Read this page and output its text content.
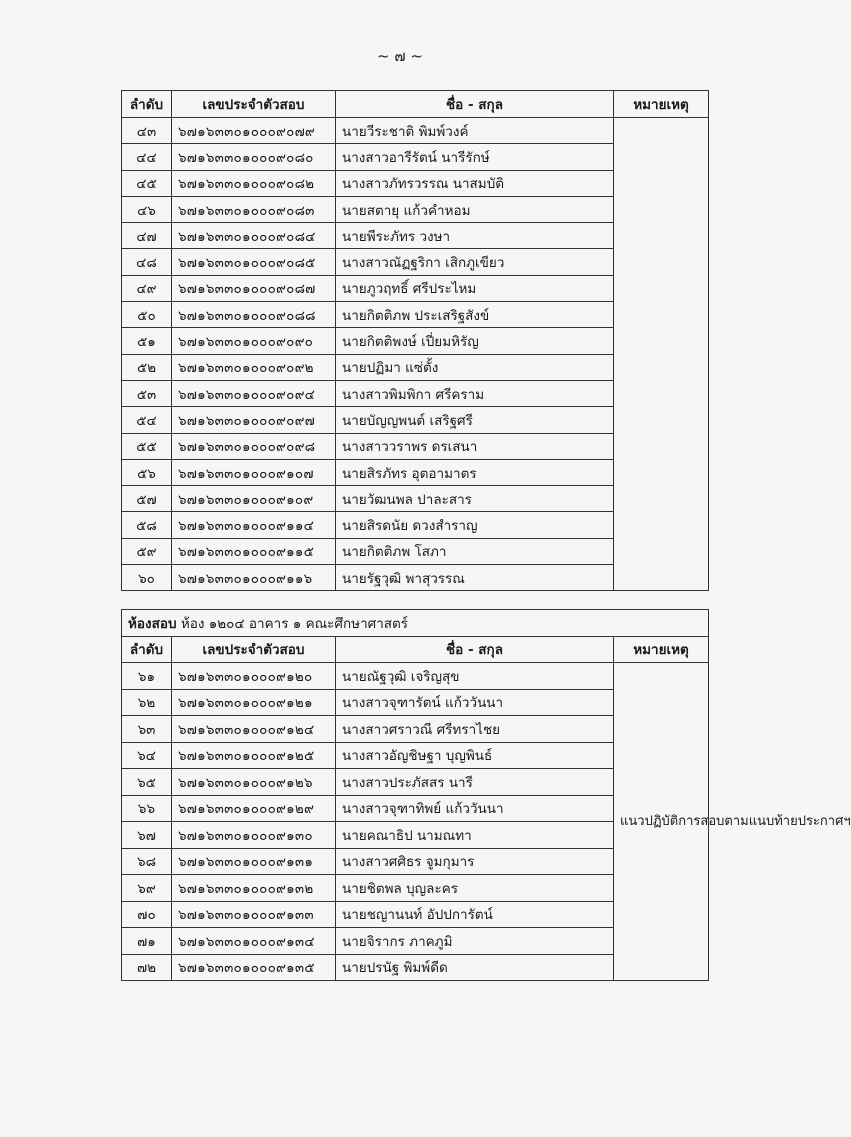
~ ๗ ~
ลำดับ	เลขประจำตัวสอบ	ชื่อ - สกุล	หมายเหตุ
๔๓	๖๗๑๖๓๓๐๑๐๐๐๙๐๗๙	นายวีระชาติ พิมพ์วงค์	
๔๔	๖๗๑๖๓๓๐๑๐๐๐๙๐๘๐	นางสาวอารีรัตน์ นารีรักษ์	
๔๕	๖๗๑๖๓๓๐๑๐๐๐๙๐๘๒	นางสาวภัทรวรรณ นาสมบัติ	
๔๖	๖๗๑๖๓๓๐๑๐๐๐๙๐๘๓	นายสตายุ แก้วคำหอม	
๔๗	๖๗๑๖๓๓๐๑๐๐๐๙๐๘๔	นายพีระภัทร วงษา	
๔๘	๖๗๑๖๓๓๐๑๐๐๐๙๐๘๕	นางสาวณัฏฐริกา เสิกภูเขียว	
๔๙	๖๗๑๖๓๓๐๑๐๐๐๙๐๘๗	นายภูวฤทธิ์ ศรีประไหม	
๕๐	๖๗๑๖๓๓๐๑๐๐๐๙๐๘๘	นายกิตติภพ ประเสริฐสังข์	
๕๑	๖๗๑๖๓๓๐๑๐๐๐๙๐๙๐	นายกิตติพงษ์ เปี่ยมหิรัญ	
๕๒	๖๗๑๖๓๓๐๑๐๐๐๙๐๙๒	นายปฏิมา แซ่ตั้ง	
๕๓	๖๗๑๖๓๓๐๑๐๐๐๙๐๙๔	นางสาวพิมพิกา ศรีคราม	
๕๔	๖๗๑๖๓๓๐๑๐๐๐๙๐๙๗	นายบัญญพนต์ เสริฐศรี	
๕๕	๖๗๑๖๓๓๐๑๐๐๐๙๐๙๘	นางสาววราพร ดรเสนา	
๕๖	๖๗๑๖๓๓๐๑๐๐๐๙๑๐๗	นายสิรภัทร อุตอามาตร	
๕๗	๖๗๑๖๓๓๐๑๐๐๐๙๑๐๙	นายวัฒนพล ปาละสาร	
๕๘	๖๗๑๖๓๓๐๑๐๐๐๙๑๑๔	นายสิรดนัย ดวงสำราญ	
๕๙	๖๗๑๖๓๓๐๑๐๐๐๙๑๑๕	นายกิตติภพ โสภา	
๖๐	๖๗๑๖๓๓๐๑๐๐๐๙๑๑๖	นายรัฐวุฒิ พาสุวรรณ	
ห้องสอบ ห้อง ๑๒๐๔ อาคาร ๑ คณะศึกษาศาสตร์			
ลำดับ	เลขประจำตัวสอบ	ชื่อ - สกุล	หมายเหตุ
๖๑	๖๗๑๖๓๓๐๑๐๐๐๙๑๒๐	นายณัฐวุฒิ เจริญสุข	แนวปฏิบัติการสอบตามแนบท้ายประกาศฯ
๖๒	๖๗๑๖๓๓๐๑๐๐๐๙๑๒๑	นางสาวจุฑารัตน์ แก้ววันนา	
๖๓	๖๗๑๖๓๓๐๑๐๐๐๙๑๒๔	นางสาวศราวณี ศรีทราไชย	
๖๔	๖๗๑๖๓๓๐๑๐๐๐๙๑๒๕	นางสาวอัญชิษฐา บุญพินธ์	
๖๕	๖๗๑๖๓๓๐๑๐๐๐๙๑๒๖	นางสาวประภัสสร นารี	
๖๖	๖๗๑๖๓๓๐๑๐๐๐๙๑๒๙	นางสาวจุฑาทิพย์ แก้ววันนา	
๖๗	๖๗๑๖๓๓๐๑๐๐๐๙๑๓๐	นายคณาธิป นามณทา	
๖๘	๖๗๑๖๓๓๐๑๐๐๐๙๑๓๑	นางสาวศศิธร จูมกุมาร	
๖๙	๖๗๑๖๓๓๐๑๐๐๐๙๑๓๒	นายชิตพล บุญละคร	
๗๐	๖๗๑๖๓๓๐๑๐๐๐๙๑๓๓	นายชญานนท์ อัปปการัตน์	
๗๑	๖๗๑๖๓๓๐๑๐๐๐๙๑๓๔	นายจิรากร ภาคภูมิ	
๗๒	๖๗๑๖๓๓๐๑๐๐๐๙๑๓๕	นายปรนัฐ พิมพ์ดีด	
